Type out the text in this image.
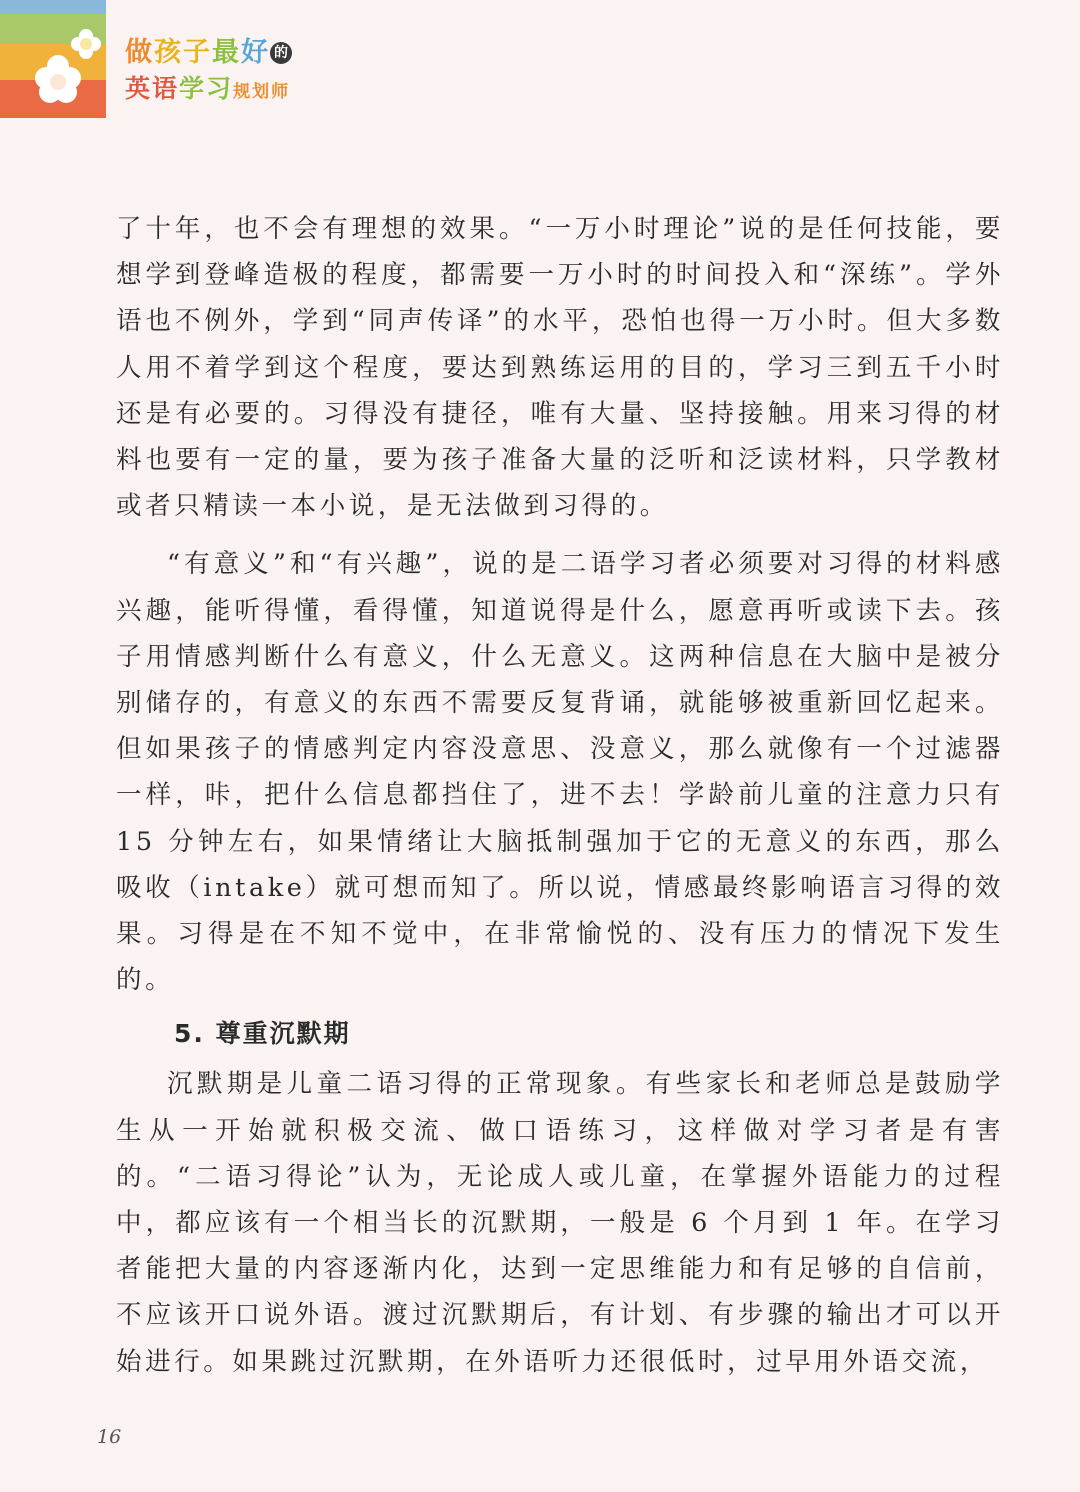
做孩子最好 的
英语学习规划师

了十年，也不会有理想的效果。“一万小时理论”说的是任何技能，要想学到登峰造极的程度，都需要一万小时的时间投入和“深练”。学外语也不例外，学到“同声传译”的水平，恐怕也得一万小时。但大多数人用不着学到这个程度，要达到熟练运用的目的，学习三到五千小时还是有必要的。习得没有捷径，唯有大量、坚持接触。用来习得的材料也要有一定的量，要为孩子准备大量的泛听和泛读材料，只学教材或者只精读一本小说，是无法做到习得的。

“有意义”和“有兴趣”，说的是二语学习者必须要对习得的材料感兴趣，能听得懂，看得懂，知道说得是什么，愿意再听或读下去。孩子用情感判断什么有意义，什么无意义。这两种信息在大脑中是被分别储存的，有意义的东西不需要反复背诵，就能够被重新回忆起来。但如果孩子的情感判定内容没意思、没意义，那么就像有一个过滤器一样，咔，把什么信息都挡住了，进不去！学龄前儿童的注意力只有 15 分钟左右，如果情绪让大脑抵制强加于它的无意义的东西，那么吸收（intake）就可想而知了。所以说，情感最终影响语言习得的效果。习得是在不知不觉中，在非常愉悦的、没有压力的情况下发生的。

5. 尊重沉默期

沉默期是儿童二语习得的正常现象。有些家长和老师总是鼓励学生从一开始就积极交流、做口语练习，这样做对学习者是有害的。“二语习得论”认为，无论成人或儿童，在掌握外语能力的过程中，都应该有一个相当长的沉默期，一般是 6 个月到 1 年。在学习者能把大量的内容逐渐内化，达到一定思维能力和有足够的自信前，不应该开口说外语。渡过沉默期后，有计划、有步骤的输出才可以开始进行。如果跳过沉默期，在外语听力还很低时，过早用外语交流，

16
